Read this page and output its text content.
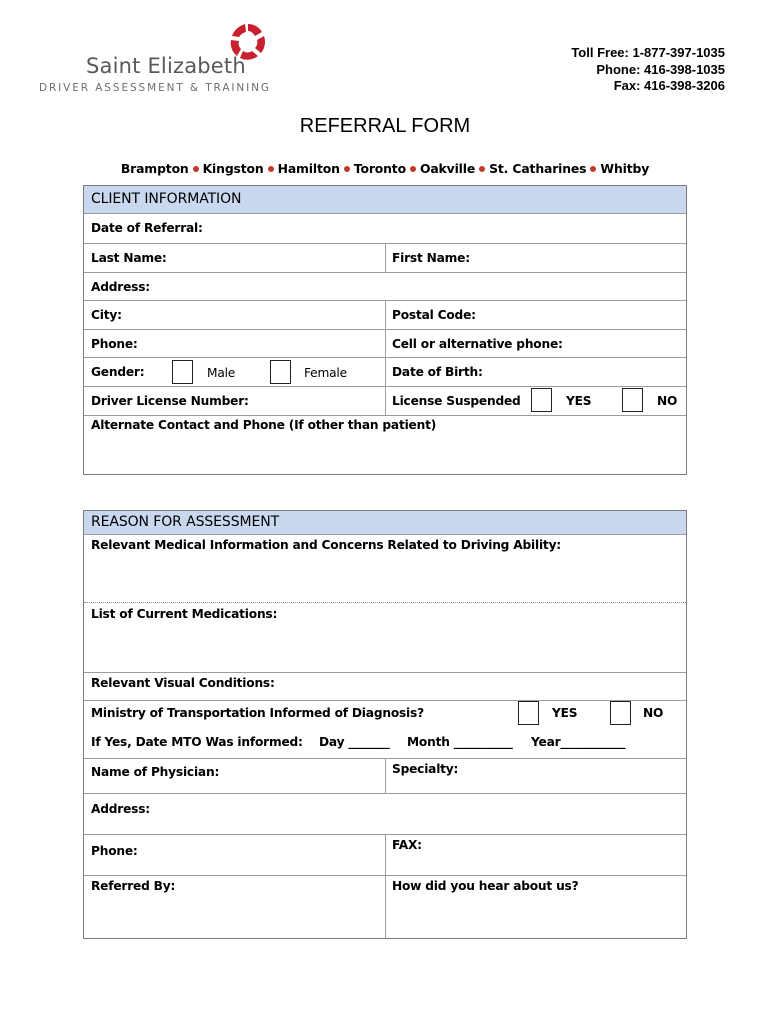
Saint Elizabeth
DRIVER ASSESSMENT & TRAINING
Toll Free: 1-877-397-1035
Phone: 416-398-1035
Fax: 416-398-3206
REFERRAL FORM
Brampton Kingston Hamilton Toronto Oakville St. Catharines Whitby
CLIENT INFORMATION
Date of Referral:
Last Name:	First Name:
Address:
City:	Postal Code:
Phone:	Cell or alternative phone:
Gender:	Male	Female	Date of Birth:
Driver License Number:	License Suspended	YES	NO
Alternate Contact and Phone (If other than patient)
REASON FOR ASSESSMENT
Relevant Medical Information and Concerns Related to Driving Ability:
List of Current Medications:
Relevant Visual Conditions:
Ministry of Transportation Informed of Diagnosis?	YES	NO
If Yes, Date MTO Was informed: Day _______ Month __________ Year___________
Name of Physician:	Specialty:
Address:
Phone:	FAX:
Referred By:	How did you hear about us?
